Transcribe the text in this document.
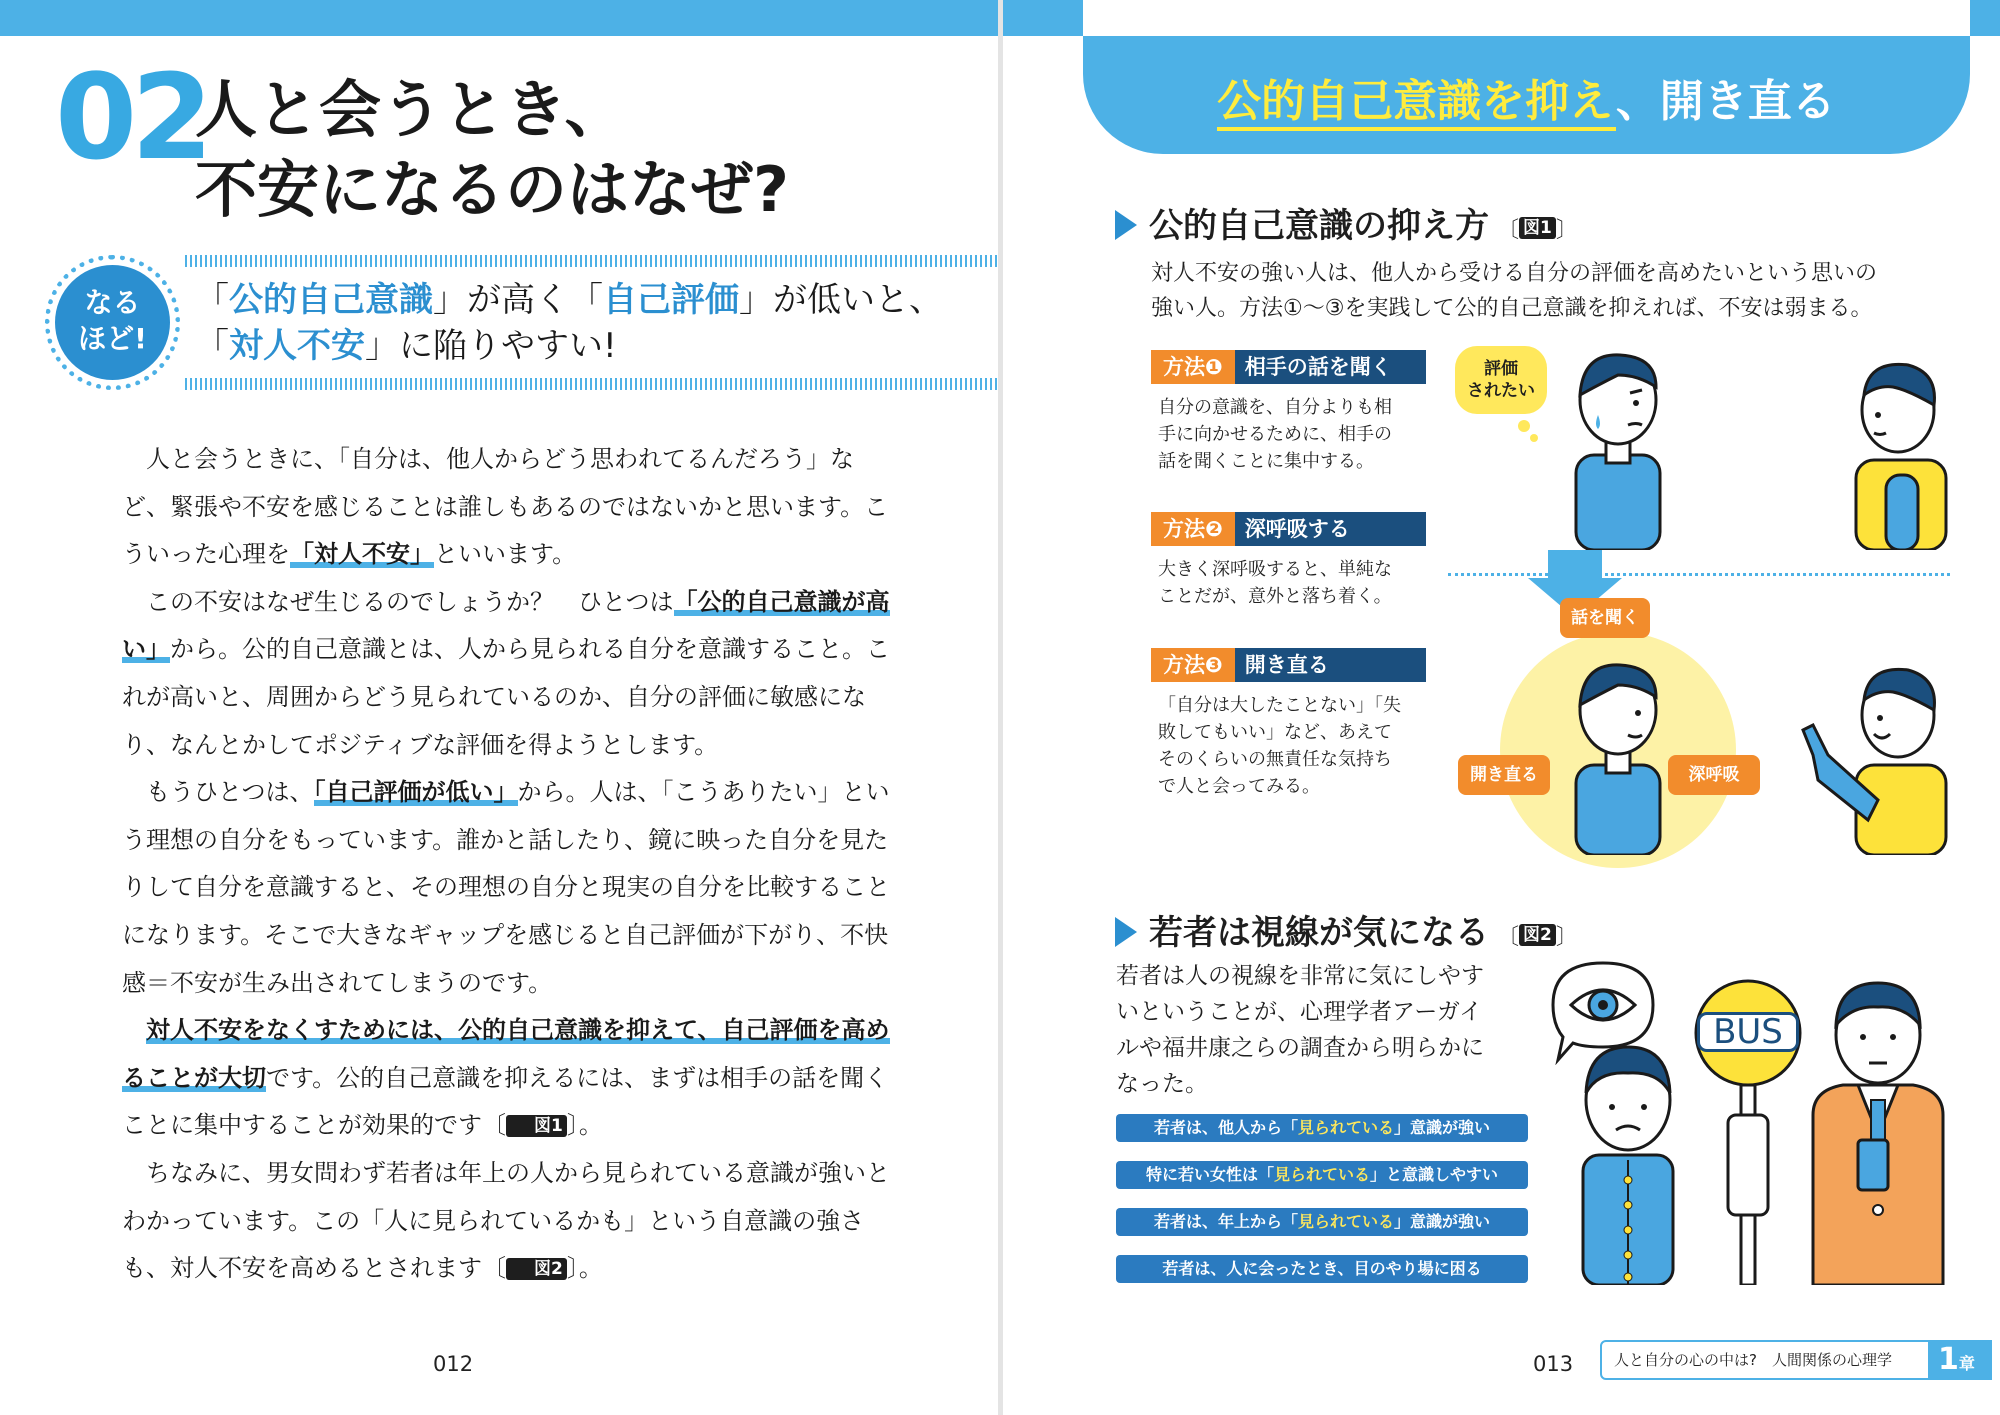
02
人と会うとき、
不安になるのはなぜ?
なる
ほど!
「公的自己意識」が高く「自己評価」が低いと、
「対人不安」に陥りやすい!

人と会うときに、「自分は、他人からどう思われてるんだろう」など、緊張や不安を感じることは誰しもあるのではないかと思います。こういった心理を「対人不安」といいます。

この不安はなぜ生じるのでしょうか？　ひとつは「公的自己意識が高い」から。公的自己意識とは、人から見られる自分を意識すること。これが高いと、周囲からどう見られているのか、自分の評価に敏感になり、なんとかしてポジティブな評価を得ようとします。

もうひとつは、「自己評価が低い」から。人は、「こうありたい」という理想の自分をもっています。誰かと話したり、鏡に映った自分を見たりして自分を意識すると、その理想の自分と現実の自分を比較することになります。そこで大きなギャップを感じると自己評価が下がり、不快感＝不安が生み出されてしまうのです。

対人不安をなくすためには、公的自己意識を抑えて、自己評価を高めることが大切です。公的自己意識を抑えるには、まずは相手の話を聞くことに集中することが効果的です〔 図1 〕。

ちなみに、男女問わず若者は年上の人から見られている意識が強いとわかっています。この「人に見られているかも」という自意識の強さも、対人不安を高めるとされます〔 図2 〕。

012
公的自己意識を抑え、開き直る
公的自己意識の抑え方 〔 図1 〕
対人不安の強い人は、他人から受ける自分の評価を高めたいという思いの
強い人。方法①〜③を実践して公的自己意識を抑えれば、不安は弱まる。
方法❶ 相手の話を聞く
自分の意識を、自分よりも相
手に向かせるために、相手の
話を聞くことに集中する。
方法❷ 深呼吸する
大きく深呼吸すると、単純な
ことだが、意外と落ち着く。
方法❸ 開き直る
「自分は大したことない」「失
敗してもいい」など、あえて
そのくらいの無責任な気持ち
で人と会ってみる。
評価
されたい
話を聞く
開き直る	深呼吸
若者は視線が気になる 〔 図2 〕
若者は人の視線を非常に気にしやす
いということが、心理学者アーガイ
ルや福井康之らの調査から明らかに
なった。
若者は、他人から「見られている」意識が強い
特に若い女性は「見られている」と意識しやすい
若者は、年上から「見られている」意識が強い
若者は、人に会ったとき、目のやり場に困る
BUS
013	人と自分の心の中は?　人間関係の心理学	1章
